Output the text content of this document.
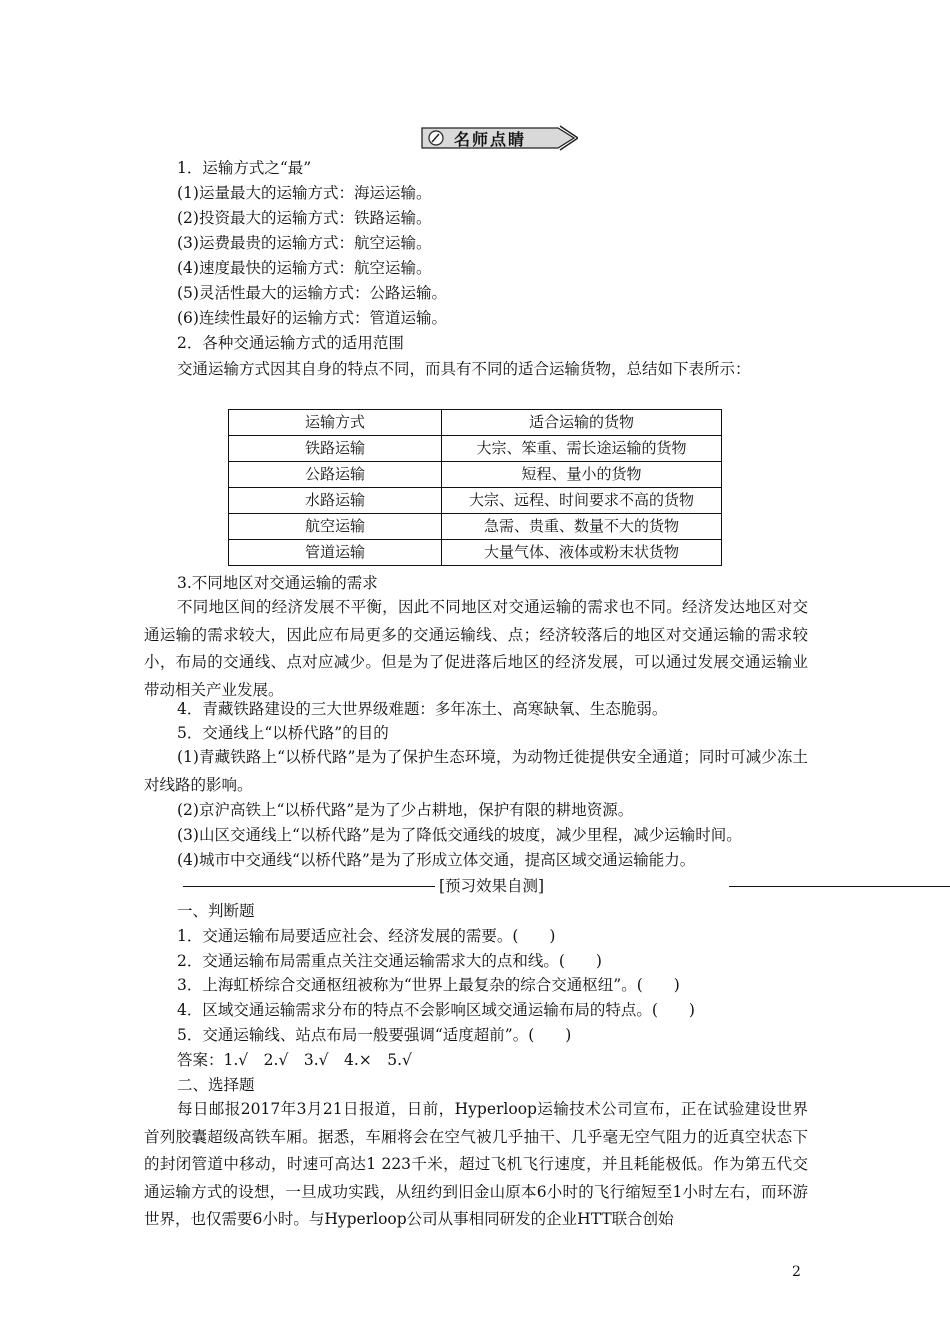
名师点睛
1．运输方式之“最”
(1)运量最大的运输方式：海运运输。
(2)投资最大的运输方式：铁路运输。
(3)运费最贵的运输方式：航空运输。
(4)速度最快的运输方式：航空运输。
(5)灵活性最大的运输方式：公路运输。
(6)连续性最好的运输方式：管道运输。
2．各种交通运输方式的适用范围
交通运输方式因其自身的特点不同，而具有不同的适合运输货物，总结如下表所示：
运输方式	适合运输的货物
铁路运输	大宗、笨重、需长途运输的货物
公路运输	短程、量小的货物
水路运输	大宗、远程、时间要求不高的货物
航空运输	急需、贵重、数量不大的货物
管道运输	大量气体、液体或粉末状货物
3.不同地区对交通运输的需求
不同地区间的经济发展不平衡，因此不同地区对交通运输的需求也不同。经济发达地区对交通运输的需求较大，因此应布局更多的交通运输线、点；经济较落后的地区对交通运输的需求较小，布局的交通线、点对应减少。但是为了促进落后地区的经济发展，可以通过发展交通运输业带动相关产业发展。
4．青藏铁路建设的三大世界级难题：多年冻土、高寒缺氧、生态脆弱。
5．交通线上“以桥代路”的目的
(1)青藏铁路上“以桥代路”是为了保护生态环境，为动物迁徙提供安全通道；同时可减少冻土对线路的影响。
(2)京沪高铁上“以桥代路”是为了少占耕地，保护有限的耕地资源。
(3)山区交通线上“以桥代路”是为了降低交通线的坡度，减少里程，减少运输时间。
(4)城市中交通线“以桥代路”是为了形成立体交通，提高区域交通运输能力。
[预习效果自测]
一、判断题
1．交通运输布局要适应社会、经济发展的需要。(　　)
2．交通运输布局需重点关注交通运输需求大的点和线。(　　)
3．上海虹桥综合交通枢纽被称为“世界上最复杂的综合交通枢纽”。(　　)
4．区域交通运输需求分布的特点不会影响区域交通运输布局的特点。(　　)
5．交通运输线、站点布局一般要强调“适度超前”。(　　)
答案：1.√　2.√　3.√　4.×　5.√
二、选择题
每日邮报2017年3月21日报道，日前，Hyperloop运输技术公司宣布，正在试验建设世界首列胶囊超级高铁车厢。据悉，车厢将会在空气被几乎抽干、几乎毫无空气阻力的近真空状态下的封闭管道中移动，时速可高达1 223千米，超过飞机飞行速度，并且耗能极低。作为第五代交通运输方式的设想，一旦成功实践，从纽约到旧金山原本6小时的飞行缩短至1小时左右，而环游世界，也仅需要6小时。与Hyperloop公司从事相同研发的企业HTT联合创始
2
